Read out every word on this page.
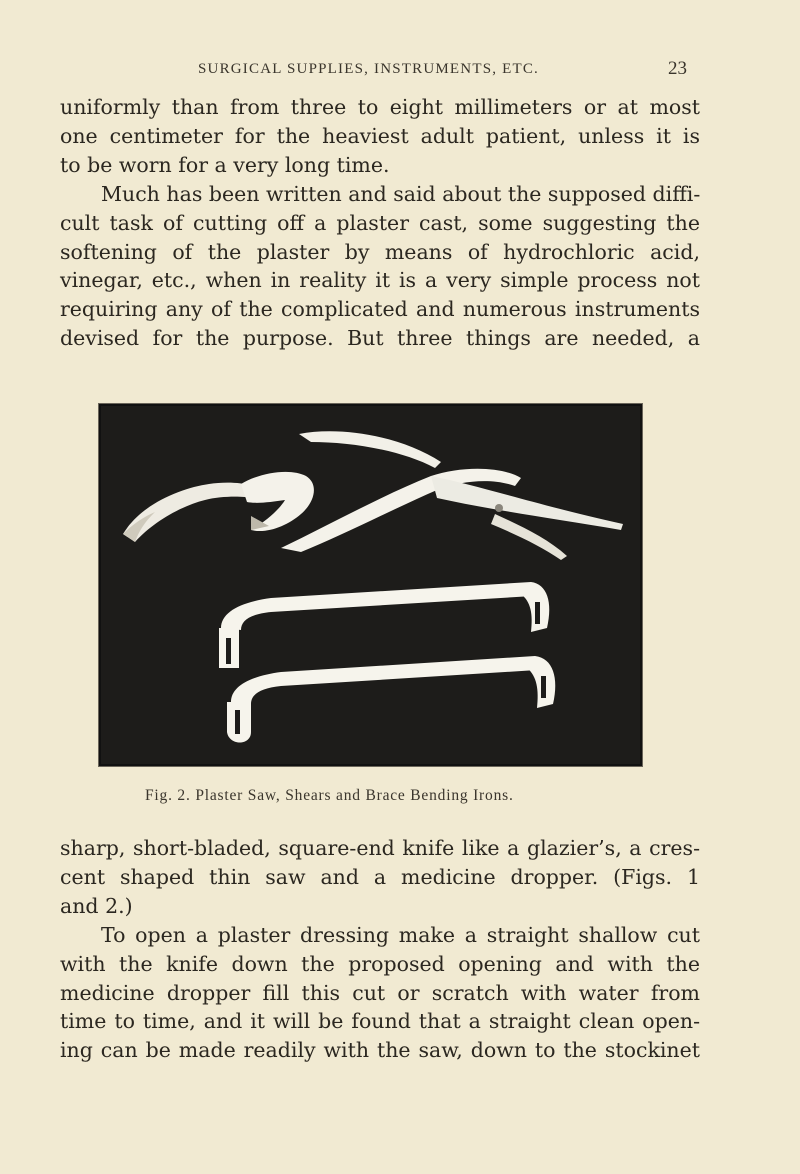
SURGICAL SUPPLIES, INSTRUMENTS, ETC.	23
uniformly than from three to eight millimeters or at most
one centimeter for the heaviest adult patient, unless it is
to be worn for a very long time.
Much has been written and said about the supposed diffi-
cult task of cutting off a plaster cast, some suggesting the
softening of the plaster by means of hydrochloric acid,
vinegar, etc., when in reality it is a very simple process not
requiring any of the complicated and numerous instruments
devised for the purpose. But three things are needed, a
Fig. 2. Plaster Saw, Shears and Brace Bending Irons.
sharp, short-bladed, square-end knife like a glazier’s, a cres-
cent shaped thin saw and a medicine dropper. (Figs. 1
and 2.)
To open a plaster dressing make a straight shallow cut
with the knife down the proposed opening and with the
medicine dropper fill this cut or scratch with water from
time to time, and it will be found that a straight clean open-
ing can be made readily with the saw, down to the stockinet
